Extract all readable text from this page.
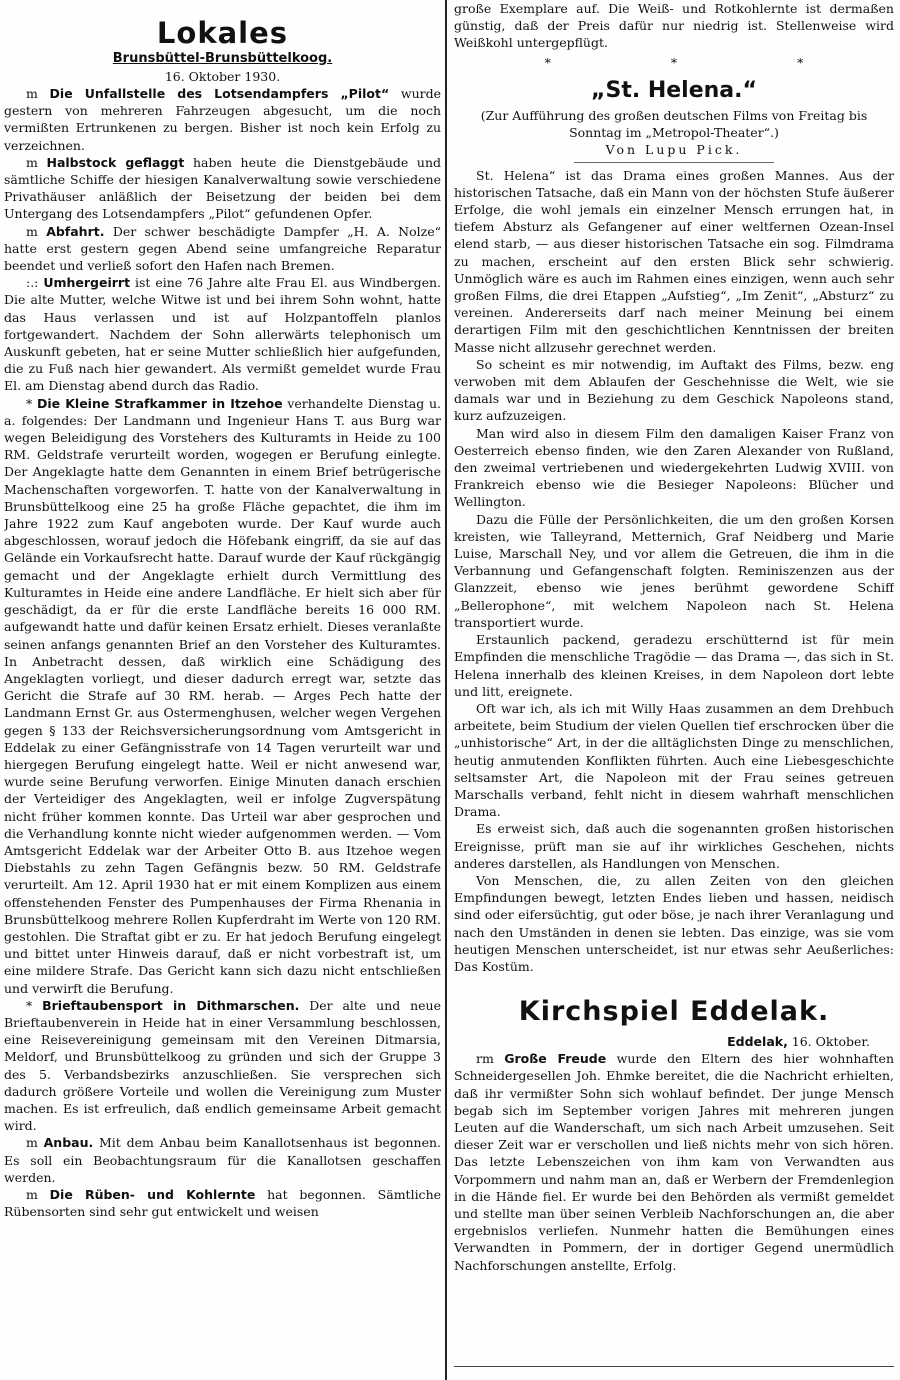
Lokales
Brunsbüttel-Brunsbüttelkoog.
16. Oktober 1930.

m Die Unfallstelle des Lotsendampfers „Pilot“ wurde gestern von mehreren Fahrzeugen abgesucht, um die noch vermißten Ertrunkenen zu bergen. Bisher ist noch kein Erfolg zu verzeichnen.

m Halbstock geflaggt haben heute die Dienstgebäude und sämtliche Schiffe der hiesigen Kanalverwaltung sowie verschiedene Privathäuser anläßlich der Beisetzung der beiden bei dem Untergang des Lotsendampfers „Pilot“ gefundenen Opfer.

m Abfahrt. Der schwer beschädigte Dampfer „H. A. Nolze“ hatte erst gestern gegen Abend seine umfangreiche Reparatur beendet und verließ sofort den Hafen nach Bremen.

:.: Umhergeirrt ist eine 76 Jahre alte Frau El. aus Windbergen. Die alte Mutter, welche Witwe ist und bei ihrem Sohn wohnt, hatte das Haus verlassen und ist auf Holzpantoffeln planlos fortgewandert. Nachdem der Sohn allerwärts telephonisch um Auskunft gebeten, hat er seine Mutter schließlich hier aufgefunden, die zu Fuß nach hier gewandert. Als vermißt gemeldet wurde Frau El. am Dienstag abend durch das Radio.

* Die Kleine Strafkammer in Itzehoe verhandelte Dienstag u. a. folgendes: Der Landmann und Ingenieur Hans T. aus Burg war wegen Beleidigung des Vorstehers des Kulturamts in Heide zu 100 RM. Geldstrafe verurteilt worden, wogegen er Berufung einlegte. Der Angeklagte hatte dem Genannten in einem Brief betrügerische Machenschaften vorgeworfen. T. hatte von der Kanalverwaltung in Brunsbüttelkoog eine 25 ha große Fläche gepachtet, die ihm im Jahre 1922 zum Kauf angeboten wurde. Der Kauf wurde auch abgeschlossen, worauf jedoch die Höfebank eingriff, da sie auf das Gelände ein Vorkaufsrecht hatte. Darauf wurde der Kauf rückgängig gemacht und der Angeklagte erhielt durch Vermittlung des Kulturamtes in Heide eine andere Landfläche. Er hielt sich aber für geschädigt, da er für die erste Landfläche bereits 16 000 RM. aufgewandt hatte und dafür keinen Ersatz erhielt. Dieses veranlaßte seinen anfangs genannten Brief an den Vorsteher des Kulturamtes. In Anbetracht dessen, daß wirklich eine Schädigung des Angeklagten vorliegt, und dieser dadurch erregt war, setzte das Gericht die Strafe auf 30 RM. herab. — Arges Pech hatte der Landmann Ernst Gr. aus Ostermenghusen, welcher wegen Vergehen gegen § 133 der Reichsversicherungsordnung vom Amtsgericht in Eddelak zu einer Gefängnisstrafe von 14 Tagen verurteilt war und hiergegen Berufung eingelegt hatte. Weil er nicht anwesend war, wurde seine Berufung verworfen. Einige Minuten danach erschien der Verteidiger des Angeklagten, weil er infolge Zugverspätung nicht früher kommen konnte. Das Urteil war aber gesprochen und die Verhandlung konnte nicht wieder aufgenommen werden. — Vom Amtsgericht Eddelak war der Arbeiter Otto B. aus Itzehoe wegen Diebstahls zu zehn Tagen Gefängnis bezw. 50 RM. Geldstrafe verurteilt. Am 12. April 1930 hat er mit einem Komplizen aus einem offenstehenden Fenster des Pumpenhauses der Firma Rhenania in Brunsbüttelkoog mehrere Rollen Kupferdraht im Werte von 120 RM. gestohlen. Die Straftat gibt er zu. Er hat jedoch Berufung eingelegt und bittet unter Hinweis darauf, daß er nicht vorbestraft ist, um eine mildere Strafe. Das Gericht kann sich dazu nicht entschließen und verwirft die Berufung.

* Brieftaubensport in Dithmarschen. Der alte und neue Brieftaubenverein in Heide hat in einer Versammlung beschlossen, eine Reisevereinigung gemeinsam mit den Vereinen Ditmarsia, Meldorf, und Brunsbüttelkoog zu gründen und sich der Gruppe 3 des 5. Verbandsbezirks anzuschließen. Sie versprechen sich dadurch größere Vorteile und wollen die Vereinigung zum Muster machen. Es ist erfreulich, daß endlich gemeinsame Arbeit gemacht wird.

m Anbau. Mit dem Anbau beim Kanallotsenhaus ist begonnen. Es soll ein Beobachtungsraum für die Kanallotsen geschaffen werden.

m Die Rüben- und Kohlernte hat begonnen. Sämtliche Rübensorten sind sehr gut entwickelt und weisen

große Exemplare auf. Die Weiß- und Rotkohlernte ist dermaßen günstig, daß der Preis dafür nur niedrig ist. Stellenweise wird Weißkohl untergepflügt.

* * *
„St. Helena.“
(Zur Aufführung des großen deutschen Films von Freitag bis Sonntag im „Metropol-Theater“.)
Von Lupu Pick.

St. Helena“ ist das Drama eines großen Mannes. Aus der historischen Tatsache, daß ein Mann von der höchsten Stufe äußerer Erfolge, die wohl jemals ein einzelner Mensch errungen hat, in tiefem Absturz als Gefangener auf einer weltfernen Ozean-Insel elend starb, — aus dieser historischen Tatsache ein sog. Filmdrama zu machen, erscheint auf den ersten Blick sehr schwierig. Unmöglich wäre es auch im Rahmen eines einzigen, wenn auch sehr großen Films, die drei Etappen „Aufstieg“, „Im Zenit“, „Absturz“ zu vereinen. Andererseits darf nach meiner Meinung bei einem derartigen Film mit den geschichtlichen Kenntnissen der breiten Masse nicht allzusehr gerechnet werden.

So scheint es mir notwendig, im Auftakt des Films, bezw. eng verwoben mit dem Ablaufen der Geschehnisse die Welt, wie sie damals war und in Beziehung zu dem Geschick Napoleons stand, kurz aufzuzeigen.

Man wird also in diesem Film den damaligen Kaiser Franz von Oesterreich ebenso finden, wie den Zaren Alexander von Rußland, den zweimal vertriebenen und wiedergekehrten Ludwig XVIII. von Frankreich ebenso wie die Besieger Napoleons: Blücher und Wellington.

Dazu die Fülle der Persönlichkeiten, die um den großen Korsen kreisten, wie Talleyrand, Metternich, Graf Neidberg und Marie Luise, Marschall Ney, und vor allem die Getreuen, die ihm in die Verbannung und Gefangenschaft folgten. Reminiszenzen aus der Glanzzeit, ebenso wie jenes berühmt gewordene Schiff „Bellerophone“, mit welchem Napoleon nach St. Helena transportiert wurde.

Erstaunlich packend, geradezu erschütternd ist für mein Empfinden die menschliche Tragödie — das Drama —, das sich in St. Helena innerhalb des kleinen Kreises, in dem Napoleon dort lebte und litt, ereignete.

Oft war ich, als ich mit Willy Haas zusammen an dem Drehbuch arbeitete, beim Studium der vielen Quellen tief erschrocken über die „unhistorische“ Art, in der die alltäglichsten Dinge zu menschlichen, heutig anmutenden Konflikten führten. Auch eine Liebesgeschichte seltsamster Art, die Napoleon mit der Frau seines getreuen Marschalls verband, fehlt nicht in diesem wahrhaft menschlichen Drama.

Es erweist sich, daß auch die sogenannten großen historischen Ereignisse, prüft man sie auf ihr wirkliches Geschehen, nichts anderes darstellen, als Handlungen von Menschen.

Von Menschen, die, zu allen Zeiten von den gleichen Empfindungen bewegt, letzten Endes lieben und hassen, neidisch sind oder eifersüchtig, gut oder böse, je nach ihrer Veranlagung und nach den Umständen in denen sie lebten. Das einzige, was sie vom heutigen Menschen unterscheidet, ist nur etwas sehr Aeußerliches: Das Kostüm.

Kirchspiel Eddelak.
Eddelak, 16. Oktober.

rm Große Freude wurde den Eltern des hier wohnhaften Schneidergesellen Joh. Ehmke bereitet, die die Nachricht erhielten, daß ihr vermißter Sohn sich wohlauf befindet. Der junge Mensch begab sich im September vorigen Jahres mit mehreren jungen Leuten auf die Wanderschaft, um sich nach Arbeit umzusehen. Seit dieser Zeit war er verschollen und ließ nichts mehr von sich hören. Das letzte Lebenszeichen von ihm kam von Verwandten aus Vorpommern und nahm man an, daß er Werbern der Fremdenlegion in die Hände fiel. Er wurde bei den Behörden als vermißt gemeldet und stellte man über seinen Verbleib Nachforschungen an, die aber ergebnislos verliefen. Nunmehr hatten die Bemühungen eines Verwandten in Pommern, der in dortiger Gegend unermüdlich Nachforschungen anstellte, Erfolg.
